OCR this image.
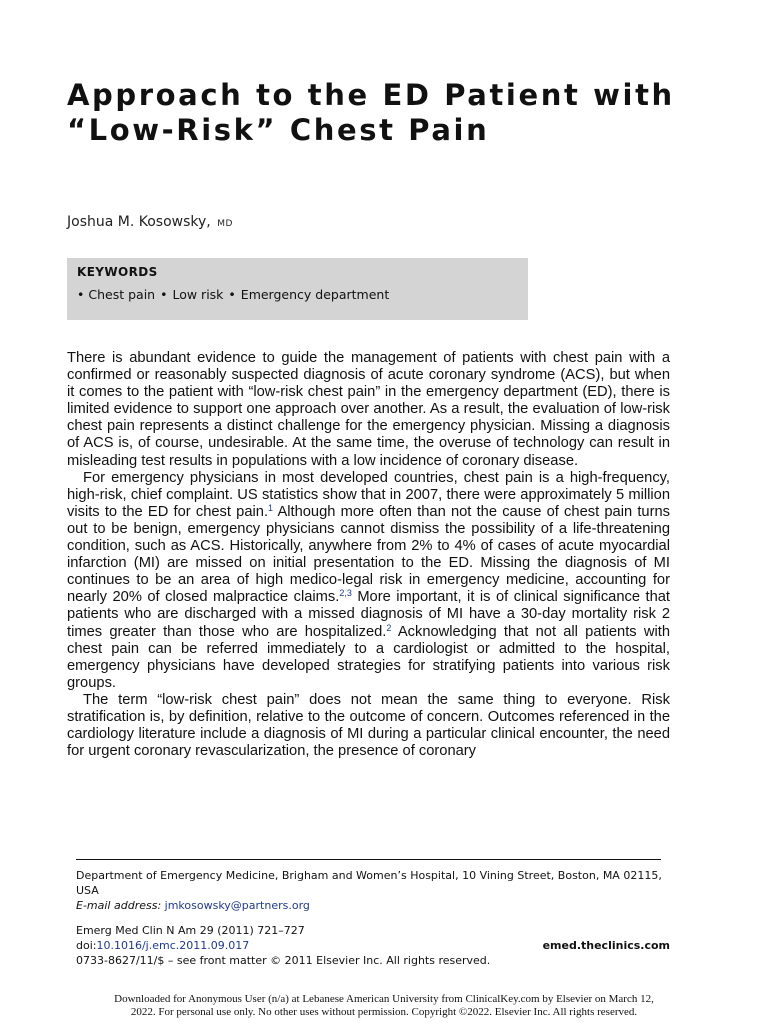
Approach to the ED Patient with “Low-Risk” Chest Pain
Joshua M. Kosowsky, MD
KEYWORDS
• Chest pain • Low risk • Emergency department

There is abundant evidence to guide the management of patients with chest pain with a confirmed or reasonably suspected diagnosis of acute coronary syndrome (ACS), but when it comes to the patient with “low-risk chest pain” in the emergency department (ED), there is limited evidence to support one approach over another. As a result, the evaluation of low-risk chest pain represents a distinct challenge for the emergency physician. Missing a diagnosis of ACS is, of course, undesirable. At the same time, the overuse of technology can result in misleading test results in populations with a low incidence of coronary disease.

For emergency physicians in most developed countries, chest pain is a high-frequency, high-risk, chief complaint. US statistics show that in 2007, there were approximately 5 million visits to the ED for chest pain.$^1$ Although more often than not the cause of chest pain turns out to be benign, emergency physicians cannot dismiss the possibility of a life-threatening condition, such as ACS. Historically, anywhere from 2% to 4% of cases of acute myocardial infarction (MI) are missed on initial presentation to the ED. Missing the diagnosis of MI continues to be an area of high medico-legal risk in emergency medicine, accounting for nearly 20% of closed malpractice claims.$^{2,3}$ More important, it is of clinical significance that patients who are discharged with a missed diagnosis of MI have a 30-day mortality risk 2 times greater than those who are hospitalized.$^2$ Acknowledging that not all patients with chest pain can be referred immediately to a cardiologist or admitted to the hospital, emergency physicians have developed strategies for stratifying patients into various risk groups.

The term “low-risk chest pain” does not mean the same thing to everyone. Risk stratification is, by definition, relative to the outcome of concern. Outcomes referenced in the cardiology literature include a diagnosis of MI during a particular clinical encounter, the need for urgent coronary revascularization, the presence of coronary

Department of Emergency Medicine, Brigham and Women’s Hospital, 10 Vining Street, Boston, MA 02115, USA
E-mail address: jmkosowsky@partners.org
Emerg Med Clin N Am 29 (2011) 721–727
doi:10.1016/j.emc.2011.09.017	emed.theclinics.com
0733-8627/11/$ – see front matter © 2011 Elsevier Inc. All rights reserved.
Downloaded for Anonymous User (n/a) at Lebanese American University from ClinicalKey.com by Elsevier on March 12,
2022. For personal use only. No other uses without permission. Copyright ©2022. Elsevier Inc. All rights reserved.
